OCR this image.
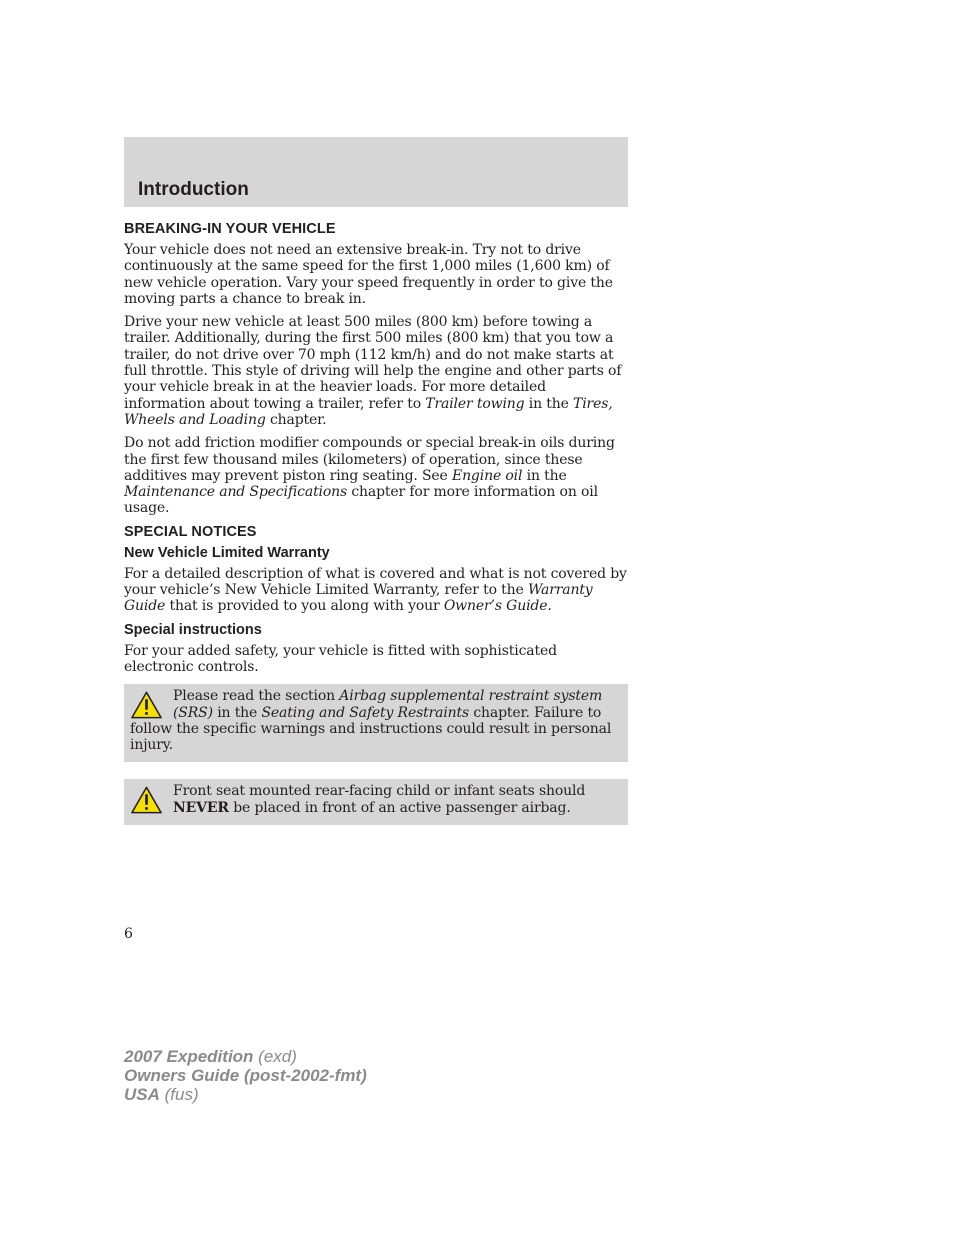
Introduction
BREAKING-IN YOUR VEHICLE

Your vehicle does not need an extensive break-in. Try not to drive continuously at the same speed for the first 1,000 miles (1,600 km) of new vehicle operation. Vary your speed frequently in order to give the moving parts a chance to break in.

Drive your new vehicle at least 500 miles (800 km) before towing a trailer. Additionally, during the first 500 miles (800 km) that you tow a trailer, do not drive over 70 mph (112 km/h) and do not make starts at full throttle. This style of driving will help the engine and other parts of your vehicle break in at the heavier loads. For more detailed information about towing a trailer, refer to Trailer towing in the Tires, Wheels and Loading chapter.

Do not add friction modifier compounds or special break-in oils during the first few thousand miles (kilometers) of operation, since these additives may prevent piston ring seating. See Engine oil in the Maintenance and Specifications chapter for more information on oil usage.

SPECIAL NOTICES
New Vehicle Limited Warranty

For a detailed description of what is covered and what is not covered by your vehicle’s New Vehicle Limited Warranty, refer to the Warranty Guide that is provided to you along with your Owner’s Guide.

Special instructions

For your added safety, your vehicle is fitted with sophisticated electronic controls.

Please read the section Airbag supplemental restraint system (SRS) in the Seating and Safety Restraints chapter. Failure to follow the specific warnings and instructions could result in personal injury.

Front seat mounted rear-facing child or infant seats should NEVER be placed in front of an active passenger airbag.

6
2007 Expedition (exd)
Owners Guide (post-2002-fmt)
USA (fus)
